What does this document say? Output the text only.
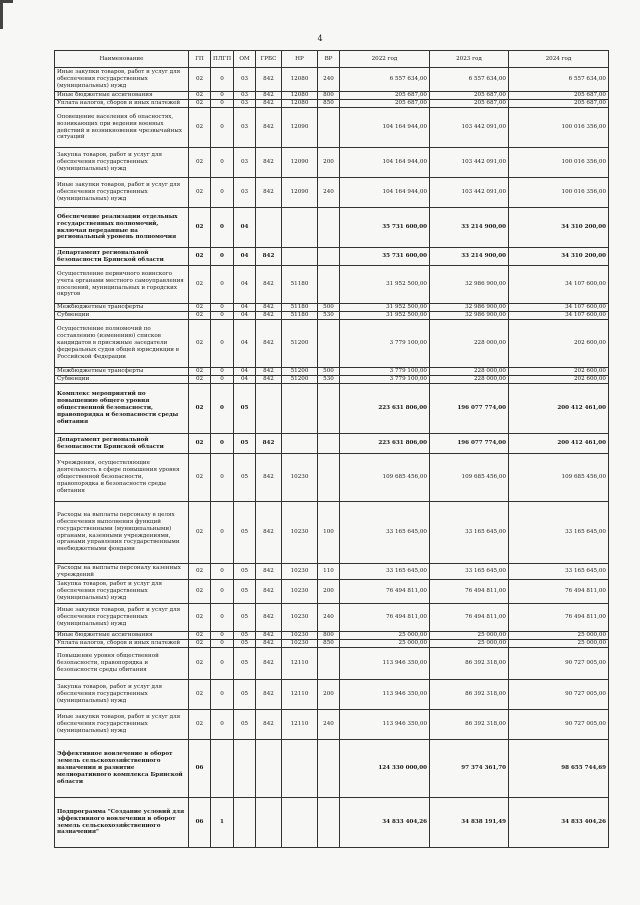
4
Наименование	ГП	ПЛГП	ОМ	ГРБС	НР	ВР	2022 год	2023 год	2024 год
Иные закупки товаров, работ и услуг для обеспечения государственных (муниципальных) нужд	02	0	03	842	12080	240	6 557 634,00	6 557 634,00	6 557 634,00
Иные бюджетные ассигнования	02	0	03	842	12080	800	205 687,00	205 687,00	205 687,00
Уплата налогов, сборов и иных платежей	02	0	03	842	12080	850	205 687,00	205 687,00	205 687,00
Оповещение населения об опасностях, возникающих при ведении военных действий и возникновении чрезвычайных ситуаций	02	0	03	842	12090		104 164 944,00	103 442 091,00	100 016 356,00
Закупка товаров, работ и услуг для обеспечения государственных (муниципальных) нужд	02	0	03	842	12090	200	104 164 944,00	103 442 091,00	100 016 356,00
Иные закупки товаров, работ и услуг для обеспечения государственных (муниципальных) нужд	02	0	03	842	12090	240	104 164 944,00	103 442 091,00	100 016 356,00
Обеспечение реализации отдельных государственных полномочий, включая переданные на региональный уровень полномочия	02	0	04				35 731 600,00	33 214 900,00	34 310 200,00
Департамент региональной безопасности Брянской области	02	0	04	842			35 731 600,00	33 214 900,00	34 310 200,00
Осуществление первичного воинского учета органами местного самоуправления поселений, муниципальных и городских округов	02	0	04	842	51180		31 952 500,00	32 986 900,00	34 107 600,00
Межбюджетные трансферты	02	0	04	842	51180	500	31 952 500,00	32 986 900,00	34 107 600,00
Субвенции	02	0	04	842	51180	530	31 952 500,00	32 986 900,00	34 107 600,00
Осуществление полномочий по составлению (изменению) списков кандидатов в присяжные заседатели федеральных судов общей юрисдикции в Российской Федерации	02	0	04	842	51200		3 779 100,00	228 000,00	202 600,00
Межбюджетные трансферты	02	0	04	842	51200	500	3 779 100,00	228 000,00	202 600,00
Субвенции	02	0	04	842	51200	530	3 779 100,00	228 000,00	202 600,00
Комплекс мероприятий по повышению общего уровня общественной безопасности, правопорядка и безопасности среды обитания	02	0	05				223 631 806,00	196 077 774,00	200 412 461,00
Департамент региональной безопасности Брянской области	02	0	05	842			223 631 806,00	196 077 774,00	200 412 461,00
Учреждения, осуществляющие деятельность в сфере повышения уровня общественной безопасности, правопорядка и безопасности среды обитания	02	0	05	842	10230		109 685 456,00	109 685 456,00	109 685 456,00
Расходы на выплаты персоналу в целях обеспечения выполнения функций государственными (муниципальными) органами, казенными учреждениями, органами управления государственными внебюджетными фондами	02	0	05	842	10230	100	33 165 645,00	33 165 645,00	33 165 645,00
Расходы на выплаты персоналу казенных учреждений	02	0	05	842	10230	110	33 165 645,00	33 165 645,00	33 165 645,00
Закупка товаров, работ и услуг для обеспечения государственных (муниципальных) нужд	02	0	05	842	10230	200	76 494 811,00	76 494 811,00	76 494 811,00
Иные закупки товаров, работ и услуг для обеспечения государственных (муниципальных) нужд	02	0	05	842	10230	240	76 494 811,00	76 494 811,00	76 494 811,00
Иные бюджетные ассигнования	02	0	05	842	10230	800	25 000,00	25 000,00	25 000,00
Уплата налогов, сборов и иных платежей	02	0	05	842	10230	850	25 000,00	25 000,00	25 000,00
Повышение уровня общественной безопасности, правопорядка и безопасности среды обитания	02	0	05	842	12110		113 946 350,00	86 392 318,00	90 727 005,00
Закупка товаров, работ и услуг для обеспечения государственных (муниципальных) нужд	02	0	05	842	12110	200	113 946 350,00	86 392 318,00	90 727 005,00
Иные закупки товаров, работ и услуг для обеспечения государственных (муниципальных) нужд	02	0	05	842	12110	240	113 946 350,00	86 392 318,00	90 727 005,00
Эффективное вовлечение в оборот земель сельскохозяйственного назначения и развитие мелиоративного комплекса Брянской области	06						124 330 000,00	97 374 361,70	98 655 744,69
Подпрограмма "Создание условий для эффективного вовлечения в оборот земель сельскохозяйственного назначения"	06	1					34 833 404,26	34 838 191,49	34 833 404,26
